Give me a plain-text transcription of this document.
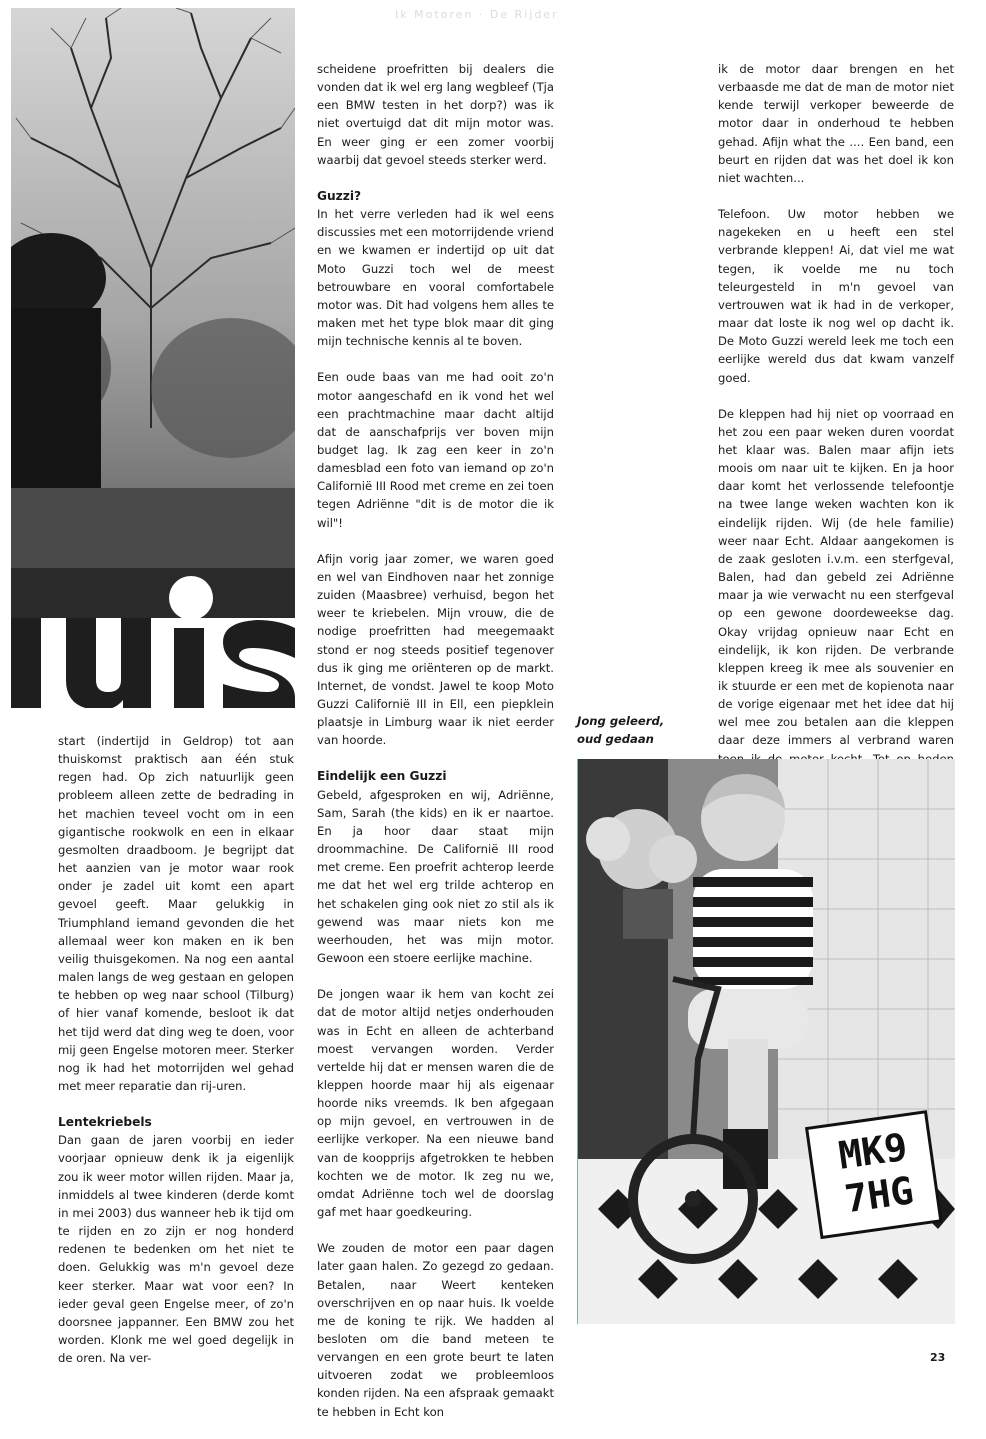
Ik Motoren · De Rijder

start (indertijd in Geldrop) tot aan thuiskomst praktisch aan één stuk regen had. Op zich natuurlijk geen probleem alleen zette de bedrading in het machien teveel vocht om in een gigantische rookwolk en een in elkaar gesmolten draadboom. Je begrijpt dat het aanzien van je motor waar rook onder je zadel uit komt een apart gevoel geeft. Maar gelukkig in Triumphland iemand gevonden die het allemaal weer kon maken en ik ben veilig thuisgekomen. Na nog een aantal malen langs de weg gestaan en gelopen te hebben op weg naar school (Tilburg) of hier vanaf komende, besloot ik dat het tijd werd dat ding weg te doen, voor mij geen Engelse motoren meer. Sterker nog ik had het motorrijden wel gehad met meer reparatie dan rij-uren.

Lentekriebels

Dan gaan de jaren voorbij en ieder voorjaar opnieuw denk ik ja eigenlijk zou ik weer motor willen rijden. Maar ja, inmiddels al twee kinderen (derde komt in mei 2003) dus wanneer heb ik tijd om te rijden en zo zijn er nog honderd redenen te bedenken om het niet te doen. Gelukkig was m'n gevoel deze keer sterker. Maar wat voor een? In ieder geval geen Engelse meer, of zo'n doorsnee jappanner. Een BMW zou het worden. Klonk me wel goed degelijk in de oren. Na ver-

scheidene proefritten bij dealers die vonden dat ik wel erg lang wegbleef (Tja een BMW testen in het dorp?) was ik niet overtuigd dat dit mijn motor was. En weer ging er een zomer voorbij waarbij dat gevoel steeds sterker werd.

Guzzi?

In het verre verleden had ik wel eens discussies met een motorrijdende vriend en we kwamen er indertijd op uit dat Moto Guzzi toch wel de meest betrouwbare en vooral comfortabele motor was. Dit had volgens hem alles te maken met het type blok maar dit ging mijn technische kennis al te boven.

Een oude baas van me had ooit zo'n motor aangeschafd en ik vond het wel een prachtmachine maar dacht altijd dat de aanschafprijs ver boven mijn budget lag. Ik zag een keer in zo'n damesblad een foto van iemand op zo'n Californië III Rood met creme en zei toen tegen Adriënne "dit is de motor die ik wil"!

Afijn vorig jaar zomer, we waren goed en wel van Eindhoven naar het zonnige zuiden (Maasbree) verhuisd, begon het weer te kriebelen. Mijn vrouw, die de nodige proefritten had meegemaakt stond er nog steeds positief tegenover dus ik ging me oriënteren op de markt. Internet, de vondst. Jawel te koop Moto Guzzi Californië III in Ell, een piepklein plaatsje in Limburg waar ik niet eerder van hoorde.

Eindelijk een Guzzi

Gebeld, afgesproken en wij, Adriënne, Sam, Sarah (the kids) en ik er naartoe. En ja hoor daar staat mijn droommachine. De Californië III rood met creme. Een proefrit achterop leerde me dat het wel erg trilde achterop en het schakelen ging ook niet zo stil als ik gewend was maar niets kon me weerhouden, het was mijn motor. Gewoon een stoere eerlijke machine.

De jongen waar ik hem van kocht zei dat de motor altijd netjes onderhouden was in Echt en alleen de achterband moest vervangen worden. Verder vertelde hij dat er mensen waren die de kleppen hoorde maar hij als eigenaar hoorde niks vreemds. Ik ben afgegaan op mijn gevoel, en vertrouwen in de eerlijke verkoper. Na een nieuwe band van de koopprijs afgetrokken te hebben kochten we de motor. Ik zeg nu we, omdat Adriënne toch wel de doorslag gaf met haar goedkeuring.

We zouden de motor een paar dagen later gaan halen. Zo gezegd zo gedaan. Betalen, naar Weert kenteken overschrijven en op naar huis. Ik voelde me de koning te rijk. We hadden al besloten om die band meteen te vervangen en een grote beurt te laten uitvoeren zodat we probleemloos konden rijden. Na een afspraak gemaakt te hebben in Echt kon

ik de motor daar brengen en het verbaasde me dat de man de motor niet kende terwijl verkoper beweerde de motor daar in onderhoud te hebben gehad. Afijn what the .... Een band, een beurt en rijden dat was het doel ik kon niet wachten...

Telefoon. Uw motor hebben we nagekeken en u heeft een stel verbrande kleppen! Ai, dat viel me wat tegen, ik voelde me nu toch teleurgesteld in m'n gevoel van vertrouwen wat ik had in de verkoper, maar dat loste ik nog wel op dacht ik. De Moto Guzzi wereld leek me toch een eerlijke wereld dus dat kwam vanzelf goed.

De kleppen had hij niet op voorraad en het zou een paar weken duren voordat het klaar was. Balen maar afijn iets moois om naar uit te kijken. En ja hoor daar komt het verlossende telefoontje na twee lange weken wachten kon ik eindelijk rijden. Wij (de hele familie) weer naar Echt. Aldaar aangekomen is de zaak gesloten i.v.m. een sterfgeval, Balen, had dan gebeld zei Adriënne maar ja wie verwacht nu een sterfgeval op een gewone doordeweekse dag. Okay vrijdag opnieuw naar Echt en eindelijk, ik kon rijden. De verbrande kleppen kreeg ik mee als souvenier en ik stuurde er een met de kopienota naar de vorige eigenaar met het idee dat hij wel mee zou betalen aan die kleppen daar deze immers al verbrand waren

Jong geleerd,
oud gedaan
MK9
7HG
23
